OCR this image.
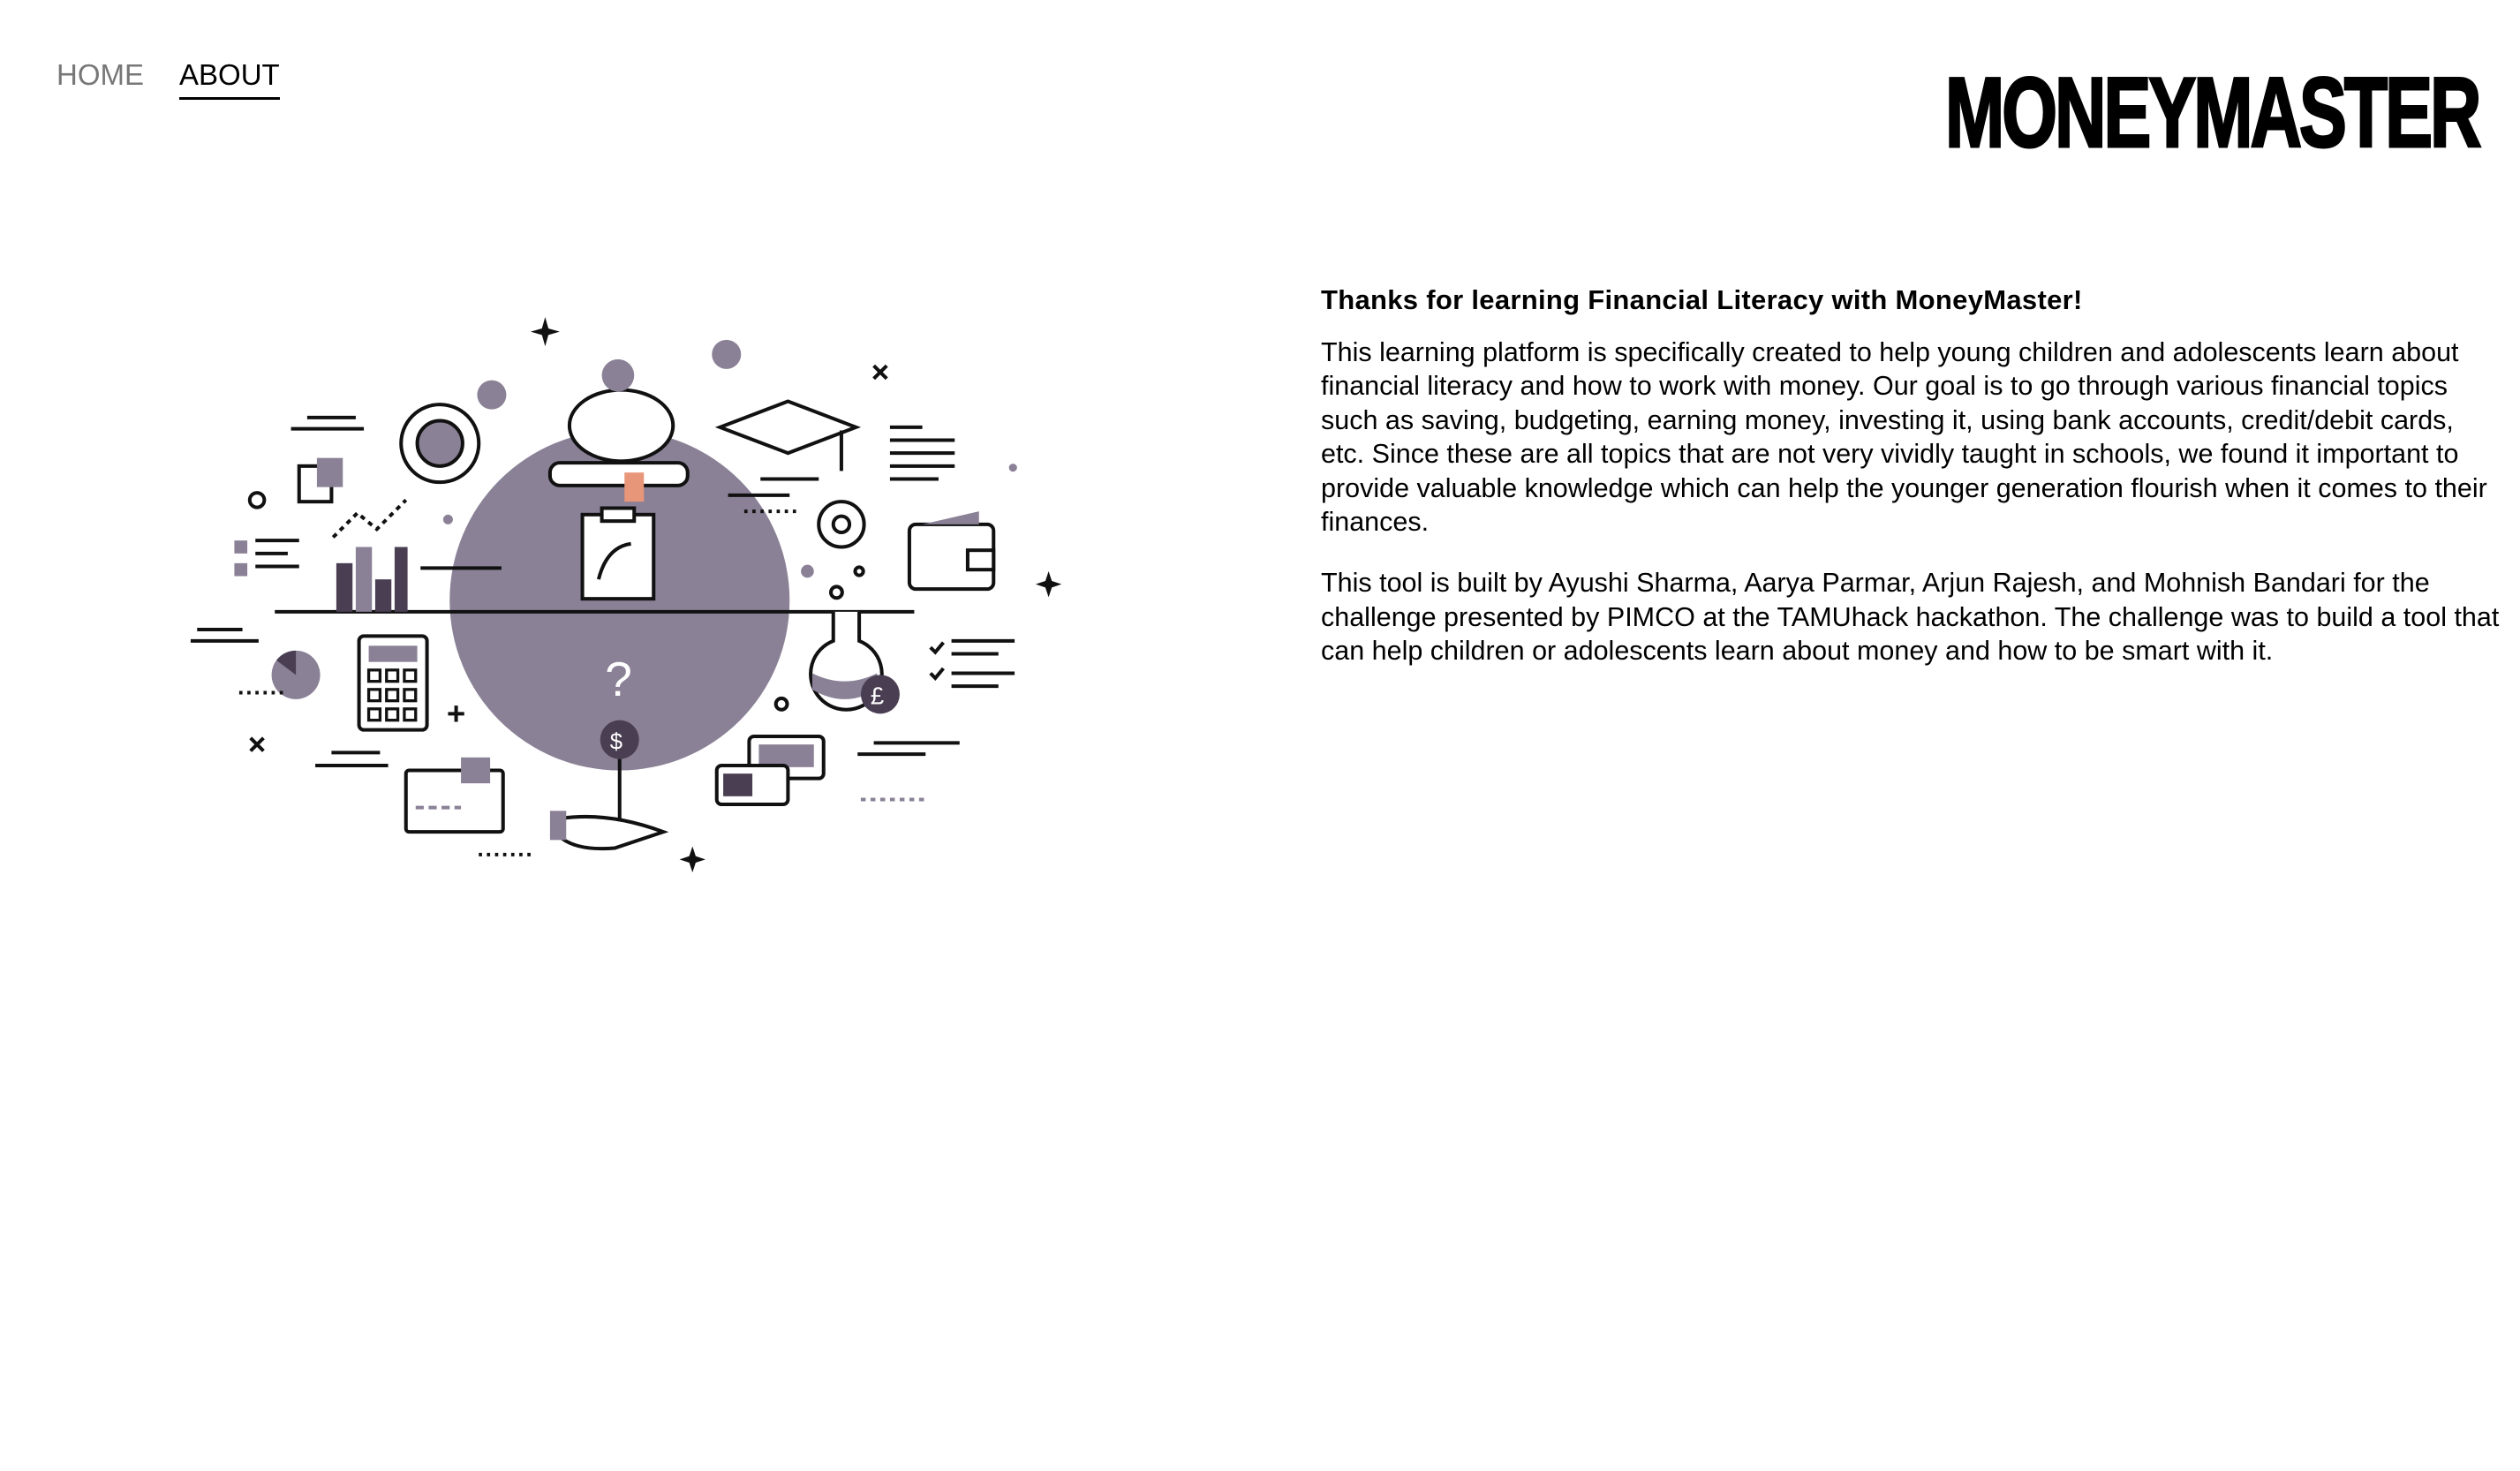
HOME ABOUT	MONEYMASTER
?
$
£
Thanks for learning Financial Literacy with MoneyMaster!

This learning platform is specifically created to help young children and adolescents learn about financial literacy and how to work with money. Our goal is to go through various financial topics such as saving, budgeting, earning money, investing it, using bank accounts, credit/debit cards, etc. Since these are all topics that are not very vividly taught in schools, we found it important to provide valuable knowledge which can help the younger generation flourish when it comes to their finances.

This tool is built by Ayushi Sharma, Aarya Parmar, Arjun Rajesh, and Mohnish Bandari for the challenge presented by PIMCO at the TAMUhack hackathon. The challenge was to build a tool that can help children or adolescents learn about money and how to be smart with it.
